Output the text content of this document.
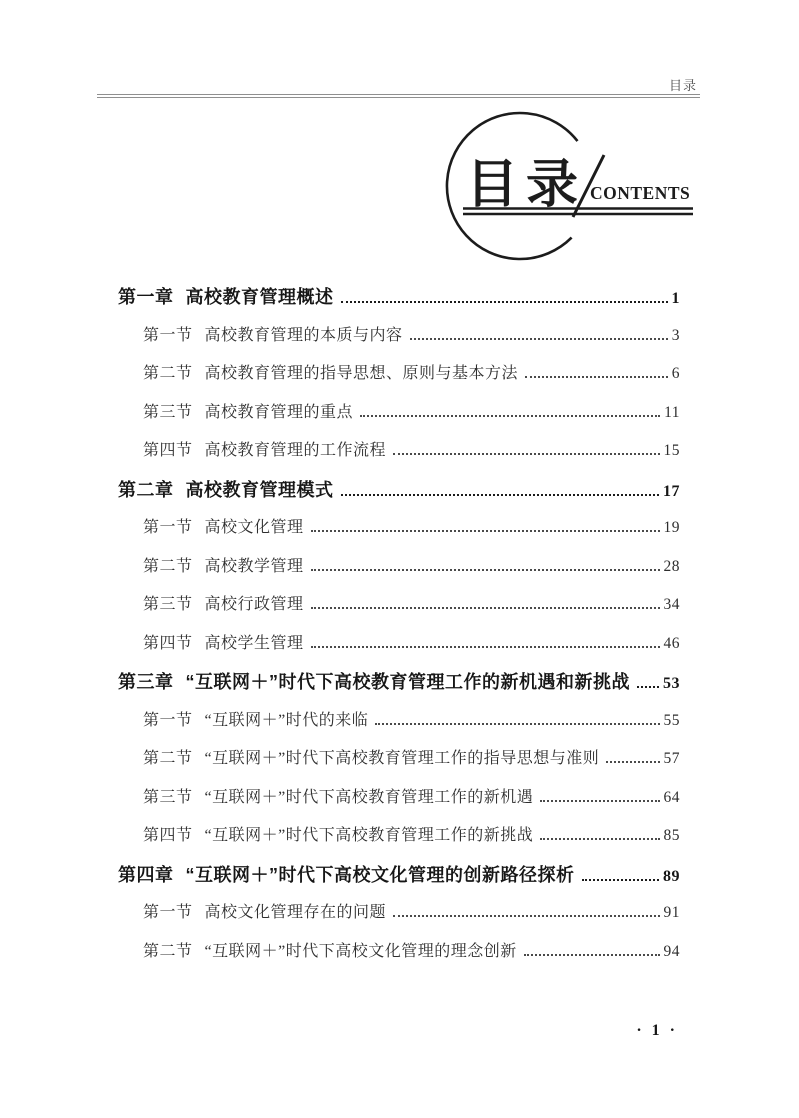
目录
目录 CONTENTS
第一章 高校教育管理概述	1
第一节 高校教育管理的本质与内容	3
第二节 高校教育管理的指导思想、原则与基本方法	6
第三节 高校教育管理的重点	11
第四节 高校教育管理的工作流程	15
第二章 高校教育管理模式	17
第一节 高校文化管理	19
第二节 高校教学管理	28
第三节 高校行政管理	34
第四节 高校学生管理	46
第三章 “互联网＋”时代下高校教育管理工作的新机遇和新挑战 53
第一节 “互联网＋”时代的来临	55
第二节 “互联网＋”时代下高校教育管理工作的指导思想与准则	57
第三节 “互联网＋”时代下高校教育管理工作的新机遇	64
第四节 “互联网＋”时代下高校教育管理工作的新挑战	85
第四章 “互联网＋”时代下高校文化管理的创新路径探析	89
第一节 高校文化管理存在的问题	91
第二节 “互联网＋”时代下高校文化管理的理念创新	94
· 1 ·
